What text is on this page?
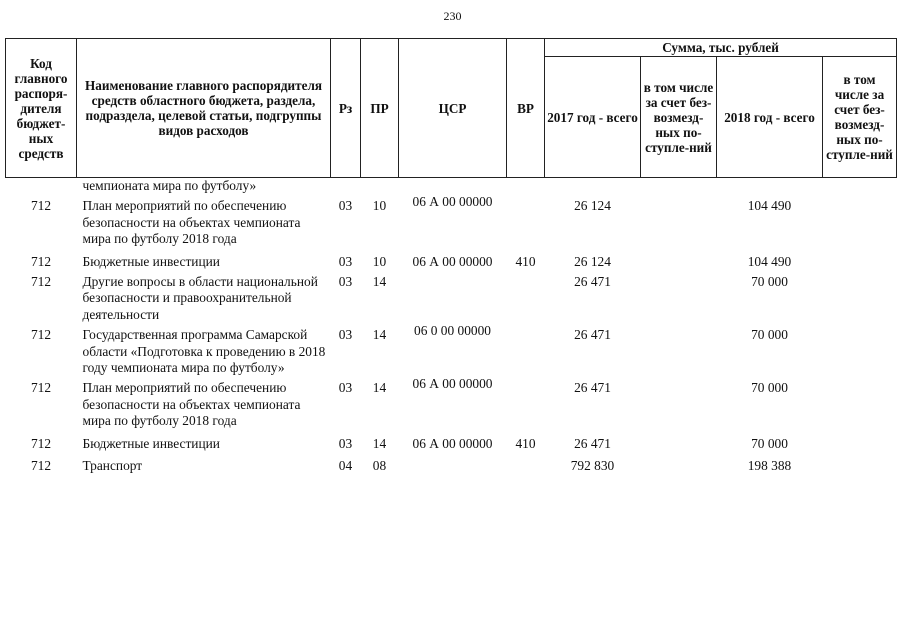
230
Код главного распоря-дителя бюджет-ных средств	Наименование главного распорядителя средств областного бюджета, раздела, подраздела, целевой статьи, подгруппы видов расходов	Рз	ПР	ЦСР	ВР	Сумма, тыс. рублей			
						2017 год - всего	в том числе за счет без-возмезд-ных по-ступле-ний	2018 год - всего	в том числе за счет без-возмезд-ных по-ступле-ний
	чемпионата мира по футболу»								
712	План мероприятий по обеспечению безопасности на объектах чемпионата мира по футболу 2018 года	03	10	06 А 00 00000		26 124		104 490	
712	Бюджетные инвестиции	03	10	06 А 00 00000	410	26 124		104 490	
712	Другие вопросы в области национальной безопасности и правоохранительной деятельности	03	14			26 471		70 000	
712	Государственная программа Самарской области «Подготовка к проведению в 2018 году чемпионата мира по футболу»	03	14	06 0 00 00000		26 471		70 000	
712	План мероприятий по обеспечению безопасности на объектах чемпионата мира по футболу 2018 года	03	14	06 А 00 00000		26 471		70 000	
712	Бюджетные инвестиции	03	14	06 А 00 00000	410	26 471		70 000	
712	Транспорт	04	08			792 830		198 388	
